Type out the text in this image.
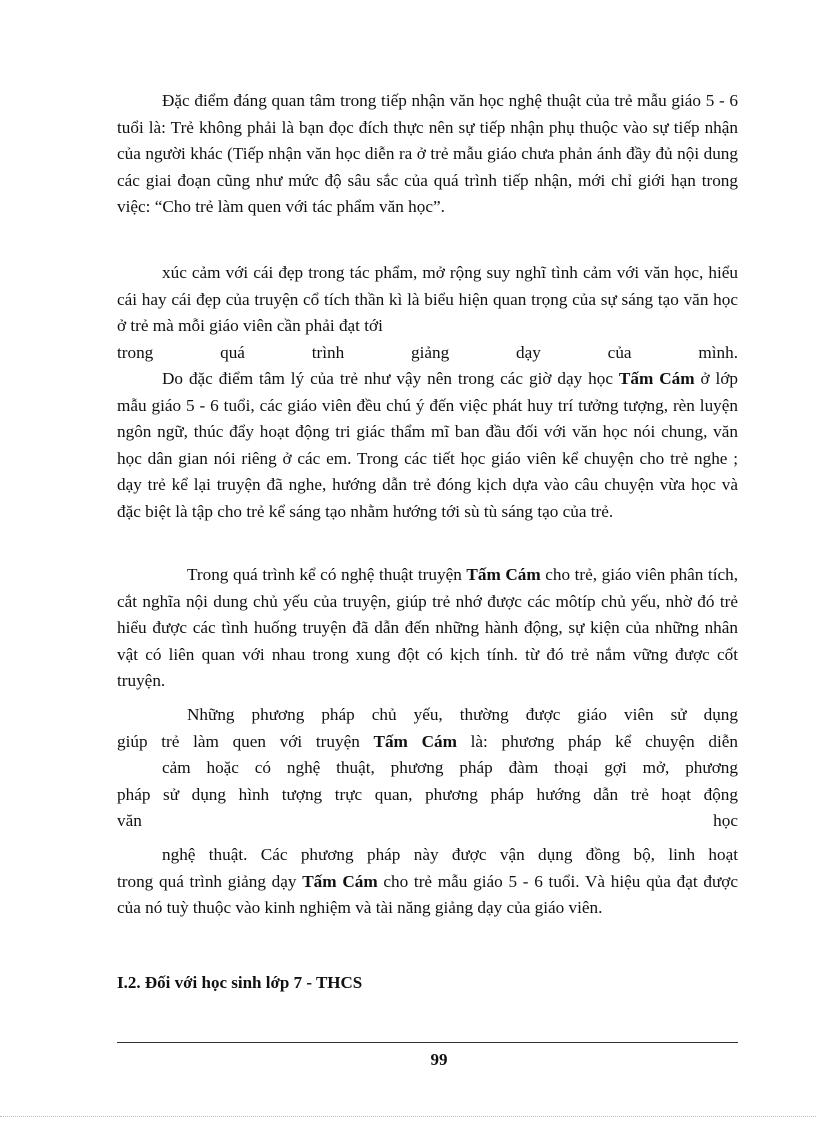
Đặc điểm đáng quan tâm trong tiếp nhận văn học nghệ thuật của trẻ mẫu giáo 5 - 6 tuổi là: Trẻ không phải là bạn đọc đích thực nên sự tiếp nhận phụ thuộc vào sự tiếp nhận của người khác (Tiếp nhận văn học diễn ra ở trẻ mẫu giáo chưa phản ánh đầy đủ nội dung các giai đoạn cũng như mức độ sâu sắc của quá trình tiếp nhận, mới chỉ giới hạn trong việc: “Cho trẻ làm quen với tác phẩm văn học”.

xúc cảm với cái đẹp trong tác phẩm, mở rộng suy nghĩ tình cảm với văn học, hiểu cái hay cái đẹp của truyện cổ tích thần kì là biểu hiện quan trọng của sự sáng tạo văn học ở trẻ mà mỗi giáo viên cần phải đạt tới

trong quá trình giảng dạy của mình.

Do đặc điểm tâm lý của trẻ như vậy nên trong các giờ dạy học Tấm Cám ở lớp mẫu giáo 5 - 6 tuổi, các giáo viên đều chú ý đến việc phát huy trí tưởng tượng, rèn luyện ngôn ngữ, thúc đẩy hoạt động tri giác thẩm mĩ ban đầu đối với văn học nói chung, văn học dân gian nói riêng ở các em. Trong các tiết học giáo viên kể chuyện cho trẻ nghe ; dạy trẻ kể lại truyện đã nghe, hướng dẫn trẻ đóng kịch dựa vào câu chuyện vừa học và đặc biệt là tập cho trẻ kể sáng tạo nhằm hướng tới sù tù sáng tạo của trẻ.

Trong quá trình kể có nghệ thuật truyện Tấm Cám cho trẻ, giáo viên phân tích, cắt nghĩa nội dung chủ yếu của truyện, giúp trẻ nhớ được các môtíp chủ yếu, nhờ đó trẻ hiểu được các tình huống truyện đã dẫn đến những hành động, sự kiện của những nhân vật có liên quan với nhau trong xung đột có kịch tính. từ đó trẻ nắm vững được cốt truyện.

Những phương pháp chủ yếu, thường được giáo viên sử dụng

giúp trẻ làm quen với truyện Tấm Cám là: phương pháp kể chuyện diễn

cảm hoặc có nghệ thuật, phương pháp đàm thoại gợi mở, phương

pháp sử dụng hình tượng trực quan, phương pháp hướng dẫn trẻ hoạt động

văn học

nghệ thuật. Các phương pháp này được vận dụng đồng bộ, linh hoạt

trong quá trình giảng dạy Tấm Cám cho trẻ mẫu giáo 5 - 6 tuổi. Và hiệu qủa đạt được của nó tuỳ thuộc vào kinh nghiệm và tài năng giảng dạy của giáo viên.

I.2. Đối với học sinh lớp 7 - THCS
99
